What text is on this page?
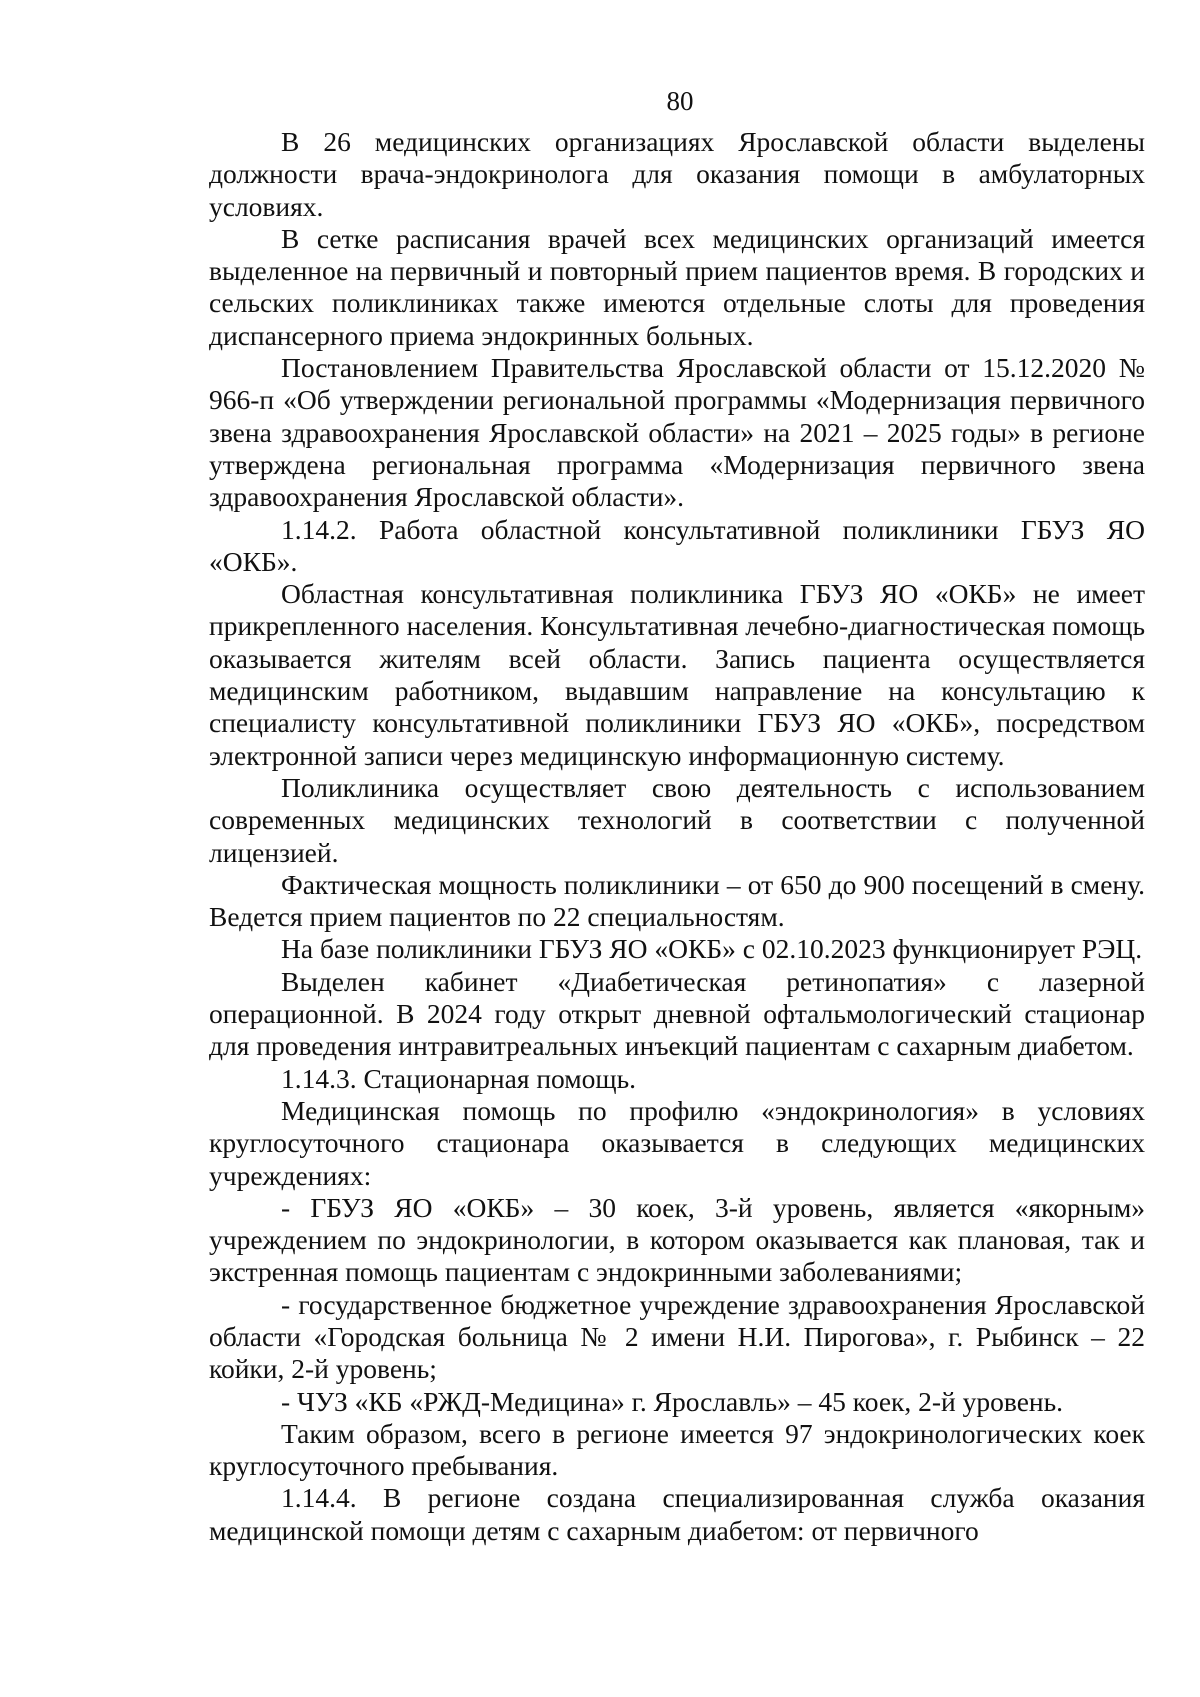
80

В 26 медицинских организациях Ярославской области выделены должности врача-эндокринолога для оказания помощи в амбулаторных условиях.

В сетке расписания врачей всех медицинских организаций имеется выделенное на первичный и повторный прием пациентов время. В городских и сельских поликлиниках также имеются отдельные слоты для проведения диспансерного приема эндокринных больных.

Постановлением Правительства Ярославской области от 15.12.2020 № 966-п «Об утверждении региональной программы «Модернизация первичного звена здравоохранения Ярославской области» на 2021 – 2025 годы» в регионе утверждена региональная программа «Модернизация первичного звена здравоохранения Ярославской области».

1.14.2. Работа областной консультативной поликлиники ГБУЗ ЯО «ОКБ».

Областная консультативная поликлиника ГБУЗ ЯО «ОКБ» не имеет прикрепленного населения. Консультативная лечебно-диагностическая помощь оказывается жителям всей области. Запись пациента осуществляется медицинским работником, выдавшим направление на консультацию к специалисту консультативной поликлиники ГБУЗ ЯО «ОКБ», посредством электронной записи через медицинскую информационную систему.

Поликлиника осуществляет свою деятельность с использованием современных медицинских технологий в соответствии с полученной лицензией.

Фактическая мощность поликлиники – от 650 до 900 посещений в смену. Ведется прием пациентов по 22 специальностям.

На базе поликлиники ГБУЗ ЯО «ОКБ» с 02.10.2023 функционирует РЭЦ.

Выделен кабинет «Диабетическая ретинопатия» с лазерной операционной. В 2024 году открыт дневной офтальмологический стационар для проведения интравитреальных инъекций пациентам с сахарным диабетом.

1.14.3. Стационарная помощь.

Медицинская помощь по профилю «эндокринология» в условиях круглосуточного стационара оказывается в следующих медицинских учреждениях:

- ГБУЗ ЯО «ОКБ» – 30 коек, 3-й уровень, является «якорным» учреждением по эндокринологии, в котором оказывается как плановая, так и экстренная помощь пациентам с эндокринными заболеваниями;

- государственное бюджетное учреждение здравоохранения Ярославской области «Городская больница № 2 имени Н.И. Пирогова», г. Рыбинск – 22 койки, 2-й уровень;

- ЧУЗ «КБ «РЖД-Медицина» г. Ярославль» – 45 коек, 2-й уровень.

Таким образом, всего в регионе имеется 97 эндокринологических коек круглосуточного пребывания.

1.14.4. В регионе создана специализированная служба оказания медицинской помощи детям с сахарным диабетом: от первичного
